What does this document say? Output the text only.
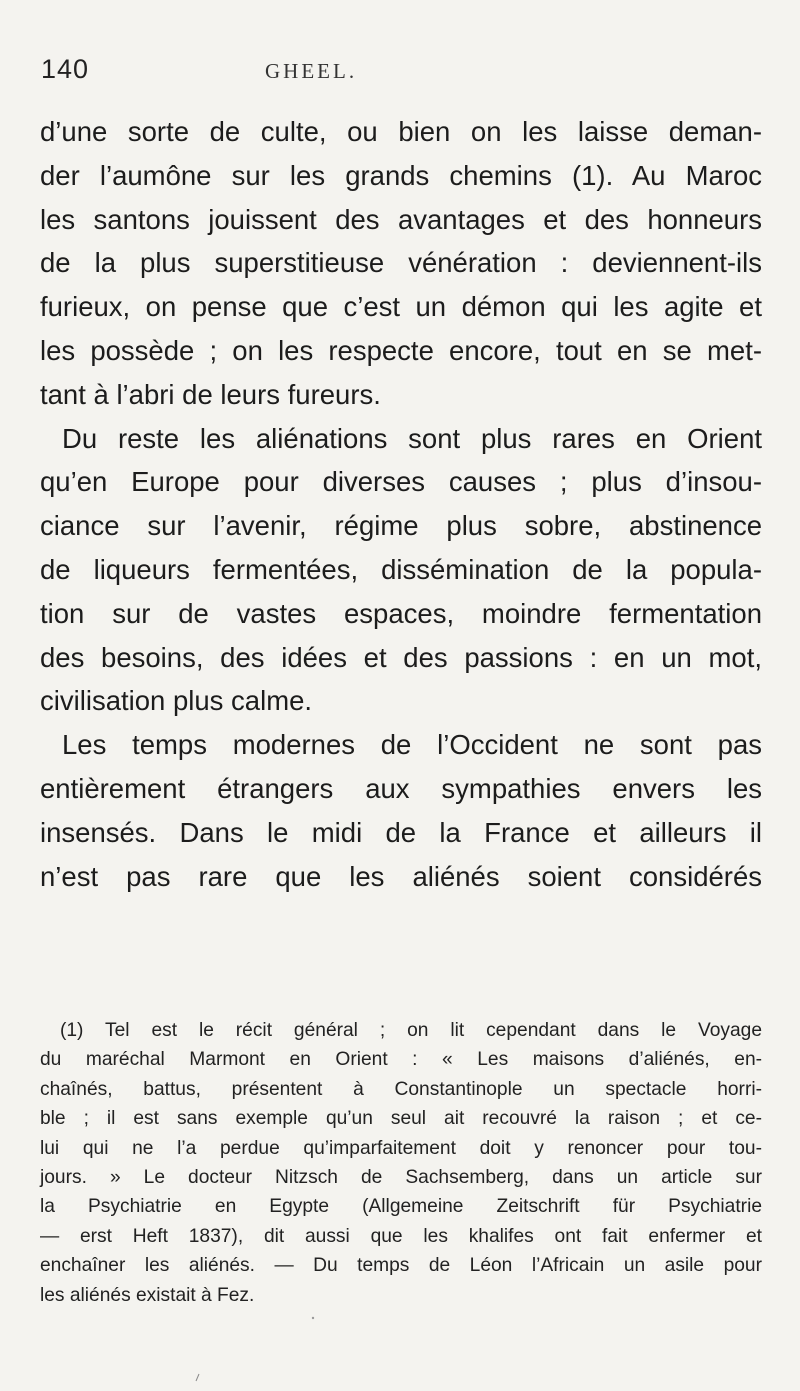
140	GHEEL.
d’une sorte de culte, ou bien on les laisse deman-
der l’aumône sur les grands chemins (1). Au Maroc
les santons jouissent des avantages et des honneurs
de la plus superstitieuse vénération : deviennent-ils
furieux, on pense que c’est un démon qui les agite et
les possède ; on les respecte encore, tout en se met-
tant à l’abri de leurs fureurs.
Du reste les aliénations sont plus rares en Orient
qu’en Europe pour diverses causes ; plus d’insou-
ciance sur l’avenir, régime plus sobre, abstinence
de liqueurs fermentées, dissémination de la popula-
tion sur de vastes espaces, moindre fermentation
des besoins, des idées et des passions : en un mot,
civilisation plus calme.
Les temps modernes de l’Occident ne sont pas
entièrement étrangers aux sympathies envers les
insensés. Dans le midi de la France et ailleurs il
n’est pas rare que les aliénés soient considérés
(1) Tel est le récit général ; on lit cependant dans le Voyage
du maréchal Marmont en Orient : « Les maisons d’aliénés, en-
chaînés, battus, présentent à Constantinople un spectacle horri-
ble ; il est sans exemple qu’un seul ait recouvré la raison ; et ce-
lui qui ne l’a perdue qu’imparfaitement doit y renoncer pour tou-
jours. » Le docteur Nitzsch de Sachsemberg, dans un article sur
la Psychiatrie en Egypte (Allgemeine Zeitschrift für Psychiatrie
— erst Heft 1837), dit aussi que les khalifes ont fait enfermer et
enchaîner les aliénés. — Du temps de Léon l’Africain un asile pour
les aliénés existait à Fez.
